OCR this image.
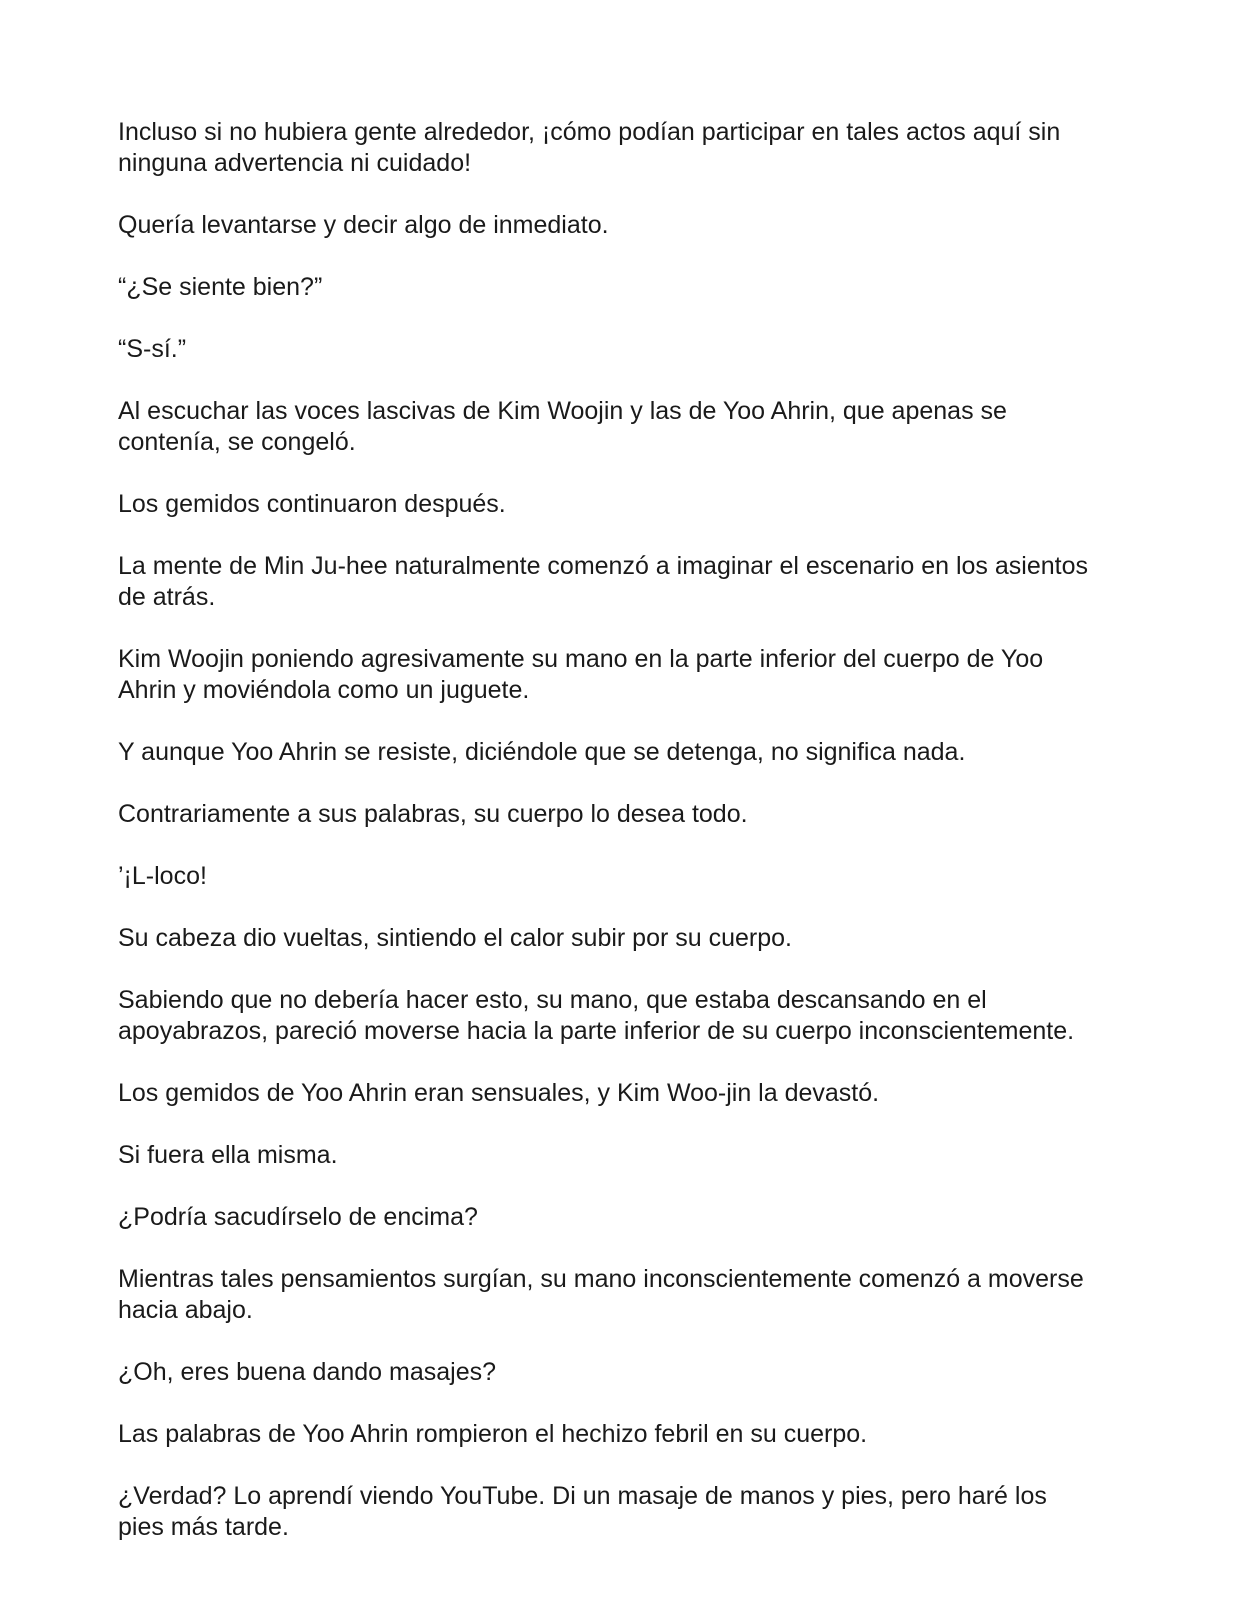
Incluso si no hubiera gente alrededor, ¡cómo podían participar en tales actos aquí sin ninguna advertencia ni cuidado!

Quería levantarse y decir algo de inmediato.

“¿Se siente bien?”

“S-sí.”

Al escuchar las voces lascivas de Kim Woojin y las de Yoo Ahrin, que apenas se contenía, se congeló.

Los gemidos continuaron después.

La mente de Min Ju-hee naturalmente comenzó a imaginar el escenario en los asientos de atrás.

Kim Woojin poniendo agresivamente su mano en la parte inferior del cuerpo de Yoo Ahrin y moviéndola como un juguete.

Y aunque Yoo Ahrin se resiste, diciéndole que se detenga, no significa nada.

Contrariamente a sus palabras, su cuerpo lo desea todo.

’¡L-loco!

Su cabeza dio vueltas, sintiendo el calor subir por su cuerpo.

Sabiendo que no debería hacer esto, su mano, que estaba descansando en el apoyabrazos, pareció moverse hacia la parte inferior de su cuerpo inconscientemente.

Los gemidos de Yoo Ahrin eran sensuales, y Kim Woo-jin la devastó.

Si fuera ella misma.

¿Podría sacudírselo de encima?

Mientras tales pensamientos surgían, su mano inconscientemente comenzó a moverse hacia abajo.

¿Oh, eres buena dando masajes?

Las palabras de Yoo Ahrin rompieron el hechizo febril en su cuerpo.

¿Verdad? Lo aprendí viendo YouTube. Di un masaje de manos y pies, pero haré los pies más tarde.
